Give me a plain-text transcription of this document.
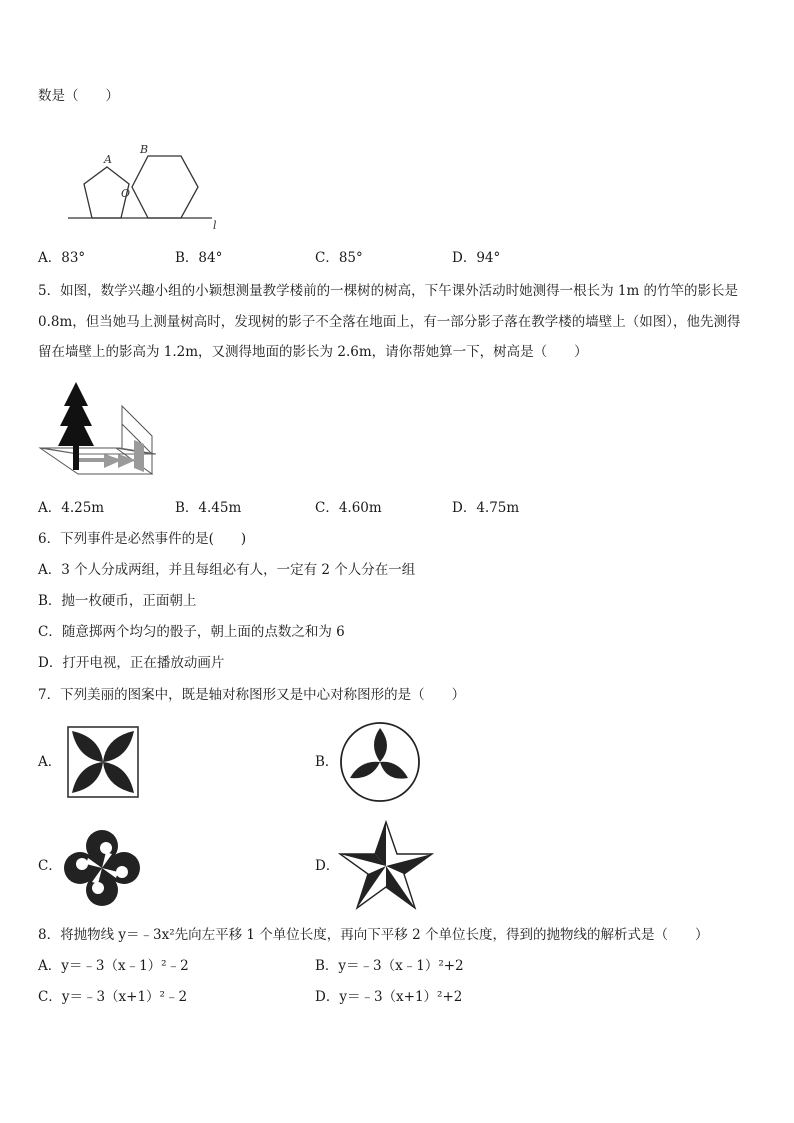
数是（　　）
A
B
O
l
A．83°	B．84°	C．85°	D．94°
5．如图，数学兴趣小组的小颖想测量教学楼前的一棵树的树高，下午课外活动时她测得一根长为 1m 的竹竿的影长是
0.8m，但当她马上测量树高时，发现树的影子不全落在地面上，有一部分影子落在教学楼的墙壁上（如图），他先测得
留在墙壁上的影高为 1.2m，又测得地面的影长为 2.6m，请你帮她算一下，树高是（　　）
A．4.25m	B．4.45m	C．4.60m	D．4.75m
6．下列事件是必然事件的是(　　)
A．3 个人分成两组，并且每组必有人，一定有 2 个人分在一组
B．抛一枚硬币，正面朝上
C．随意掷两个均匀的骰子，朝上面的点数之和为 6
D．打开电视，正在播放动画片
7．下列美丽的图案中，既是轴对称图形又是中心对称图形的是（　　）
A．	B．
C．	D．
8．将抛物线 y＝﹣3x²先向左平移 1 个单位长度，再向下平移 2 个单位长度，得到的抛物线的解析式是（　　）
A．y＝﹣3（x﹣1）²﹣2	B．y＝﹣3（x﹣1）²+2
C．y＝﹣3（x+1）²﹣2	D．y＝﹣3（x+1）²+2
